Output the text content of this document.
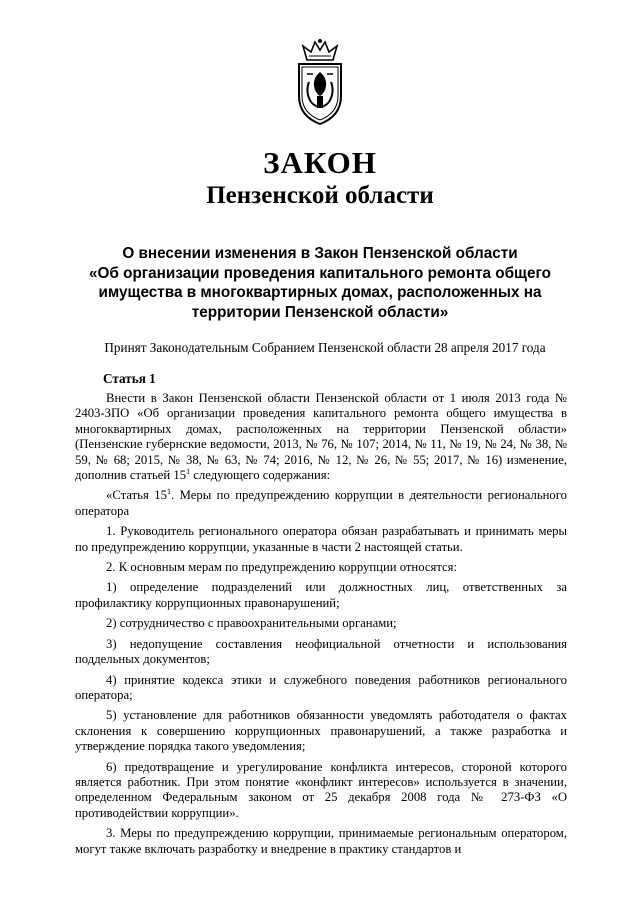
ЗАКОН
Пензенской области
О внесении изменения в Закон Пензенской области
«Об организации проведения капитального ремонта общего
имущества в многоквартирных домах, расположенных на
территории Пензенской области»
Принят Законодательным Собранием Пензенской области 28 апреля 2017 года
Статья 1

Внести в Закон Пензенской области Пензенской области от 1 июля 2013 года № 2403-ЗПО «Об организации проведения капитального ремонта общего имущества в многоквартирных домах, расположенных на территории Пензенской области» (Пензенские губернские ведомости, 2013, № 76, № 107; 2014, № 11, № 19, № 24, № 38, № 59, № 68; 2015, № 38, № 63, № 74; 2016, № 12, № 26, № 55; 2017, № 16) изменение, дополнив статьей $15^1$ следующего содержания:

«Статья $15^1$. Меры по предупреждению коррупции в деятельности регионального оператора

1. Руководитель регионального оператора обязан разрабатывать и принимать меры по предупреждению коррупции, указанные в части 2 настоящей статьи.

2. К основным мерам по предупреждению коррупции относятся:

1) определение подразделений или должностных лиц, ответственных за профилактику коррупционных правонарушений;

2) сотрудничество с правоохранительными органами;

3) недопущение составления неофициальной отчетности и использования поддельных документов;

4) принятие кодекса этики и служебного поведения работников регионального оператора;

5) установление для работников обязанности уведомлять работодателя о фактах склонения к совершению коррупционных правонарушений, а также разработка и утверждение порядка такого уведомления;

6) предотвращение и урегулирование конфликта интересов, стороной которого является работник. При этом понятие «конфликт интересов» используется в значении, определенном Федеральным законом от 25 декабря 2008 года № 273-ФЗ «О противодействии коррупции».

3. Меры по предупреждению коррупции, принимаемые региональным оператором, могут также включать разработку и внедрение в практику стандартов и
